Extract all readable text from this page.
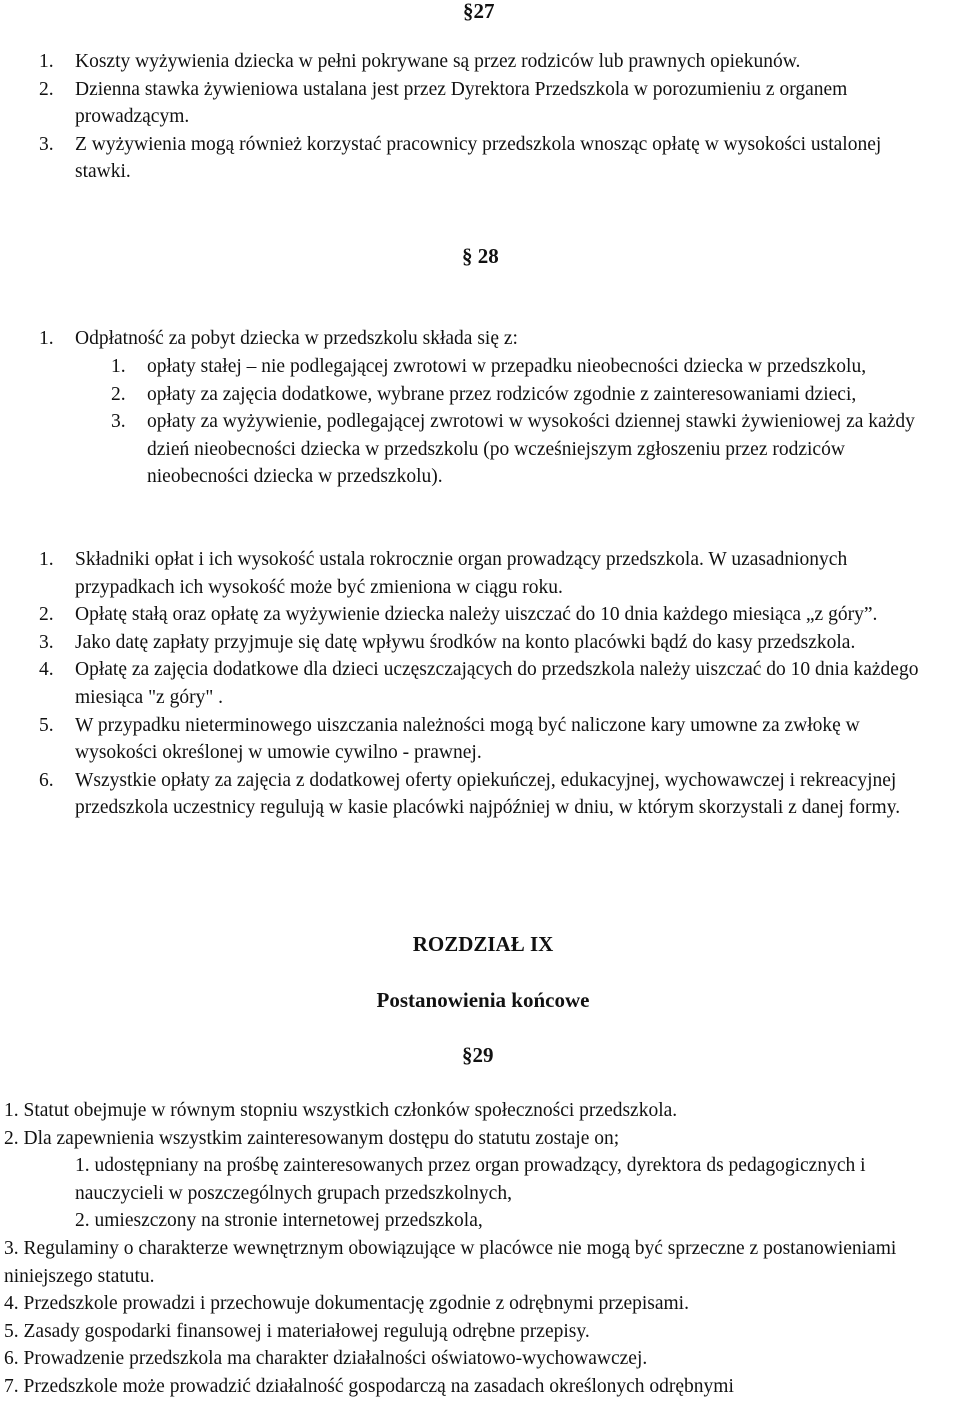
§27
1. Koszty wyżywienia dziecka w pełni pokrywane są przez rodziców lub prawnych opiekunów.
2. Dzienna stawka żywieniowa ustalana jest przez Dyrektora Przedszkola w porozumieniu z organem prowadzącym.
3. Z wyżywienia mogą również korzystać pracownicy przedszkola wnosząc opłatę w wysokości ustalonej stawki.
§ 28
1. Odpłatność za pobyt dziecka w przedszkolu składa się z:
1. opłaty stałej – nie podlegającej zwrotowi w przepadku nieobecności dziecka w przedszkolu,
2. opłaty za zajęcia dodatkowe, wybrane przez rodziców zgodnie z zainteresowaniami dzieci,
3. opłaty za wyżywienie, podlegającej zwrotowi w wysokości dziennej stawki żywieniowej za każdy dzień nieobecności dziecka w przedszkolu (po wcześniejszym zgłoszeniu przez rodziców nieobecności dziecka w przedszkolu).
1. Składniki opłat i ich wysokość ustala rokrocznie organ prowadzący przedszkola. W uzasadnionych przypadkach ich wysokość może być zmieniona w ciągu roku.
2. Opłatę stałą oraz opłatę za wyżywienie dziecka należy uiszczać do 10 dnia każdego miesiąca „z góry”.
3. Jako datę zapłaty przyjmuje się datę wpływu środków na konto placówki bądź do kasy przedszkola.
4. Opłatę za zajęcia dodatkowe dla dzieci uczęszczających do przedszkola należy uiszczać do 10 dnia każdego miesiąca "z góry" .
5. W przypadku nieterminowego uiszczania należności mogą być naliczone kary umowne za zwłokę w wysokości określonej w umowie cywilno - prawnej.
6. Wszystkie opłaty za zajęcia z dodatkowej oferty opiekuńczej, edukacyjnej, wychowawczej i rekreacyjnej przedszkola uczestnicy regulują w kasie placówki najpóźniej w dniu, w którym skorzystali z danej formy.
ROZDZIAŁ IX
Postanowienia końcowe
§29

1. Statut obejmuje w równym stopniu wszystkich członków społeczności przedszkola.

2. Dla zapewnienia wszystkim zainteresowanym dostępu do statutu zostaje on;

1. udostępniany na prośbę zainteresowanych przez organ prowadzący, dyrektora ds pedagogicznych i nauczycieli w poszczególnych grupach przedszkolnych,

2. umieszczony na stronie internetowej przedszkola,

3. Regulaminy o charakterze wewnętrznym obowiązujące w placówce nie mogą być sprzeczne z postanowieniami niniejszego statutu.

4. Przedszkole prowadzi i przechowuje dokumentację zgodnie z odrębnymi przepisami.

5. Zasady gospodarki finansowej i materiałowej regulują odrębne przepisy.

6. Prowadzenie przedszkola ma charakter działalności oświatowo-wychowawczej.

7. Przedszkole może prowadzić działalność gospodarczą na zasadach określonych odrębnymi
